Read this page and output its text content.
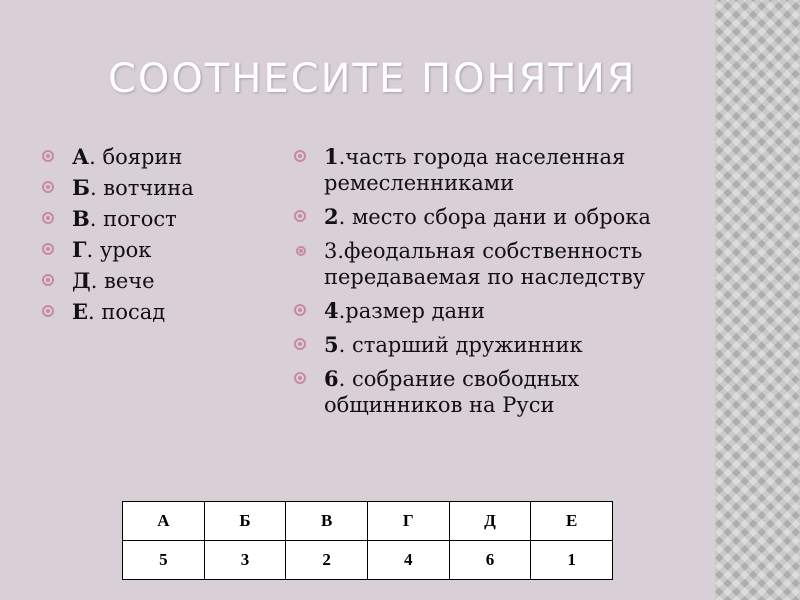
СООТНЕСИТЕ ПОНЯТИЯ
А. боярин
Б. вотчина
В. погост
Г. урок
Д. вече
Е. посад
1.часть города населенная ремесленниками
2. место сбора дани и оброка
3.феодальная собственность передаваемая по наследству
4.размер дани
5. старший дружинник
6. собрание свободных общинников на Руси
А	Б	В	Г	Д	Е
5	3	2	4	6	1
